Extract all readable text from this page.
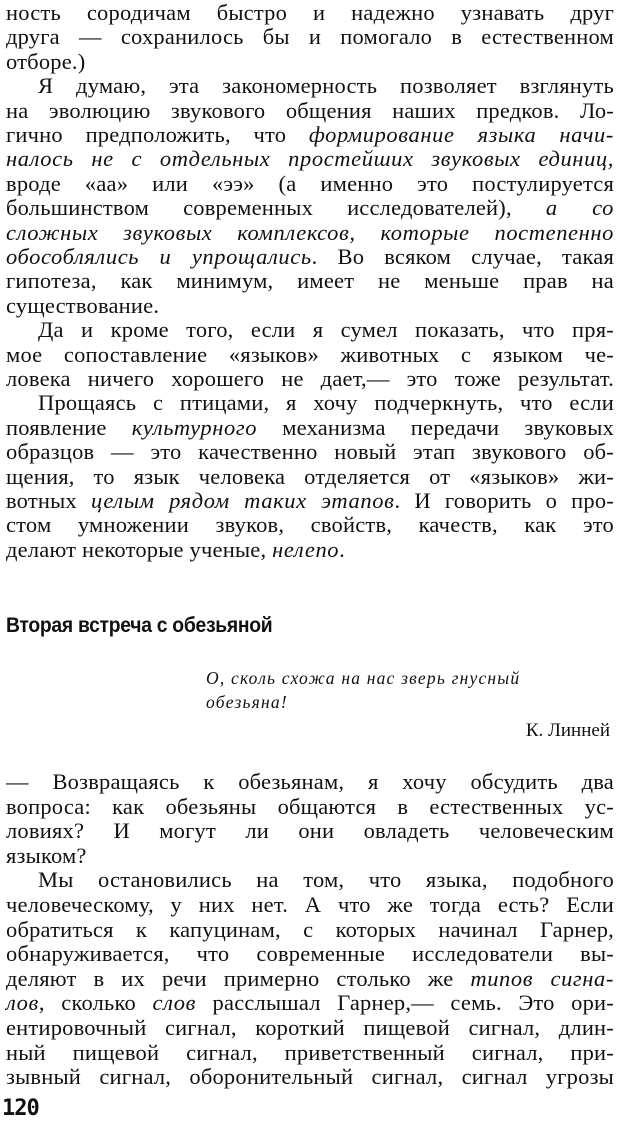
ность сородичам быстро и надежно узнавать друг
друга — сохранилось бы и помогало в естественном
отборе.)
Я думаю, эта закономерность позволяет взглянуть
на эволюцию звукового общения наших предков. Ло-
гично предположить, что формирование языка начи-
налось не с отдельных простейших звуковых единиц,
вроде «аа» или «ээ» (а именно это постулируется
большинством современных исследователей), а со
сложных звуковых комплексов, которые постепенно
обособлялись и упрощались. Во всяком случае, такая
гипотеза, как минимум, имеет не меньше прав на
существование.
Да и кроме того, если я сумел показать, что пря-
мое сопоставление «языков» животных с языком че-
ловека ничего хорошего не дает,— это тоже результат.
Прощаясь с птицами, я хочу подчеркнуть, что если
появление культурного механизма передачи звуковых
образцов — это качественно новый этап звукового об-
щения, то язык человека отделяется от «языков» жи-
вотных целым рядом таких этапов. И говорить о про-
стом умножении звуков, свойств, качеств, как это
делают некоторые ученые, нелепо.
Вторая встреча с обезьяной
О, сколь схожа на нас зверь гнусный
обезьяна!
К. Линней
— Возвращаясь к обезьянам, я хочу обсудить два
вопроса: как обезьяны общаются в естественных ус-
ловиях? И могут ли они овладеть человеческим
языком?
Мы остановились на том, что языка, подобного
человеческому, у них нет. А что же тогда есть? Если
обратиться к капуцинам, с которых начинал Гарнер,
обнаруживается, что современные исследователи вы-
деляют в их речи примерно столько же типов сигна-
лов, сколько слов расслышал Гарнер,— семь. Это ори-
ентировочный сигнал, короткий пищевой сигнал, длин-
ный пищевой сигнал, приветственный сигнал, при-
зывный сигнал, оборонительный сигнал, сигнал угрозы
120
